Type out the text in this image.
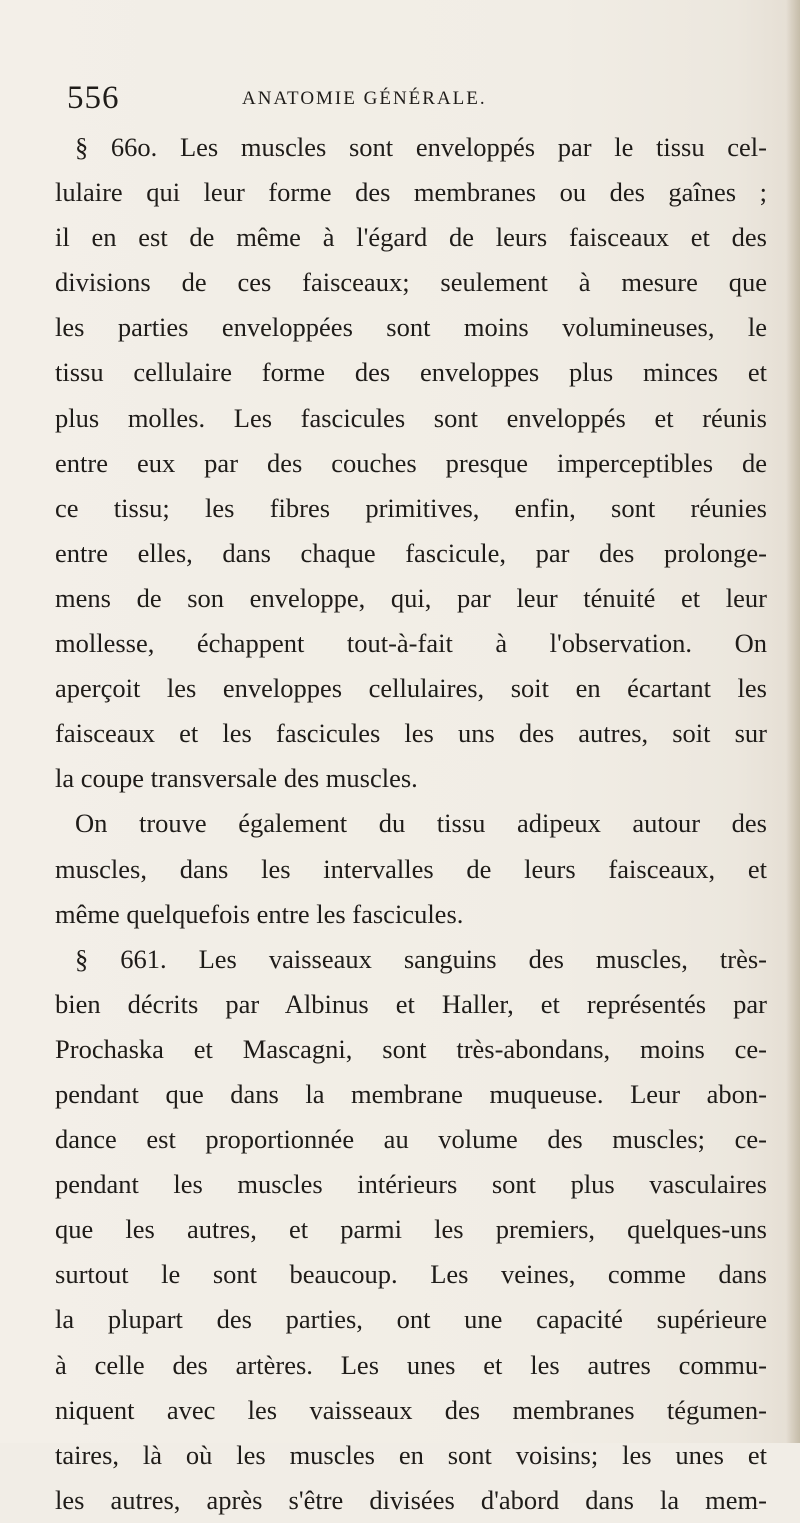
556	ANATOMIE GÉNÉRALE.
§ 66o. Les muscles sont enveloppés par le tissu cel-
lulaire qui leur forme des membranes ou des gaînes ;
il en est de même à l'égard de leurs faisceaux et des
divisions de ces faisceaux; seulement à mesure que
les parties enveloppées sont moins volumineuses, le
tissu cellulaire forme des enveloppes plus minces et
plus molles. Les fascicules sont enveloppés et réunis
entre eux par des couches presque imperceptibles de
ce tissu; les fibres primitives, enfin, sont réunies
entre elles, dans chaque fascicule, par des prolonge-
mens de son enveloppe, qui, par leur ténuité et leur
mollesse, échappent tout-à-fait à l'observation. On
aperçoit les enveloppes cellulaires, soit en écartant les
faisceaux et les fascicules les uns des autres, soit sur
la coupe transversale des muscles.
On trouve également du tissu adipeux autour des
muscles, dans les intervalles de leurs faisceaux, et
même quelquefois entre les fascicules.
§ 661. Les vaisseaux sanguins des muscles, très-
bien décrits par Albinus et Haller, et représentés par
Prochaska et Mascagni, sont très-abondans, moins ce-
pendant que dans la membrane muqueuse. Leur abon-
dance est proportionnée au volume des muscles; ce-
pendant les muscles intérieurs sont plus vasculaires
que les autres, et parmi les premiers, quelques-uns
surtout le sont beaucoup. Les veines, comme dans
la plupart des parties, ont une capacité supérieure
à celle des artères. Les unes et les autres commu-
niquent avec les vaisseaux des membranes tégumen-
taires, là où les muscles en sont voisins; les unes et
les autres, après s'être divisées d'abord dans la mem-
